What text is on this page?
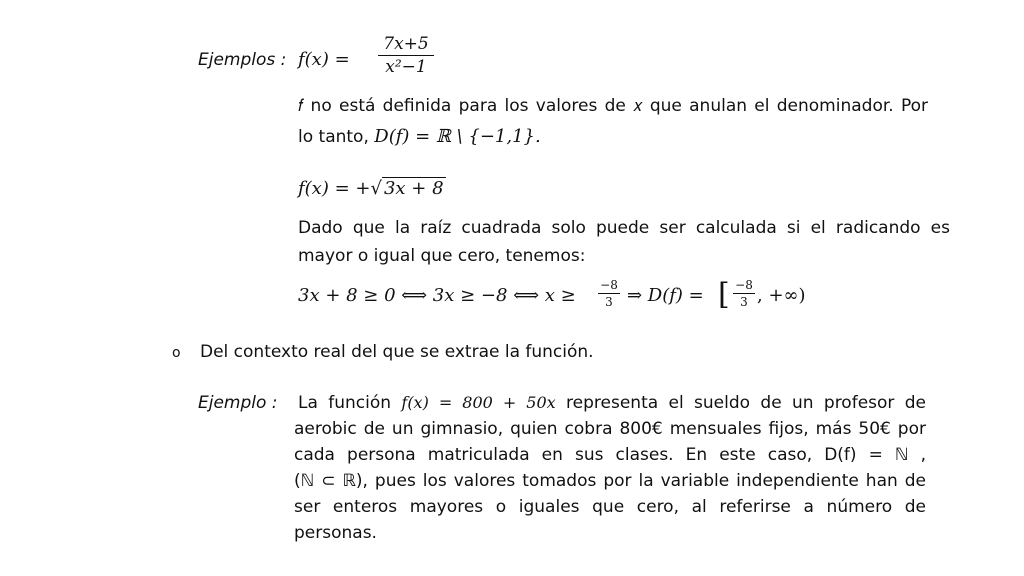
Ejemplos : f(x) =
7x+5
x²−1
𝑓 no está definida para los valores de 𝑥 que anulan el denominador. Por
lo tanto, D(f) = ℝ \ {−1,1}.
f(x) = +√ 3x + 8
Dado que la raíz cuadrada solo puede ser calculada si el radicando es
mayor o igual que cero, tenemos:
3x + 8 ≥ 0 ⟺ 3x ≥ −8 ⟺ x ≥ −8
3 ⇒ D(f) = [ −8
3 , +∞)
o Del contexto real del que se extrae la función.
Ejemplo : La función f(x) = 800 + 50x representa el sueldo de un profesor de
aerobic de un gimnasio, quien cobra 800€ mensuales fijos, más 50€ por
cada persona matriculada en sus clases. En este caso, D(f) = ℕ ,
(ℕ ⊂ ℝ), pues los valores tomados por la variable independiente han de
ser enteros mayores o iguales que cero, al referirse a número de
personas.
